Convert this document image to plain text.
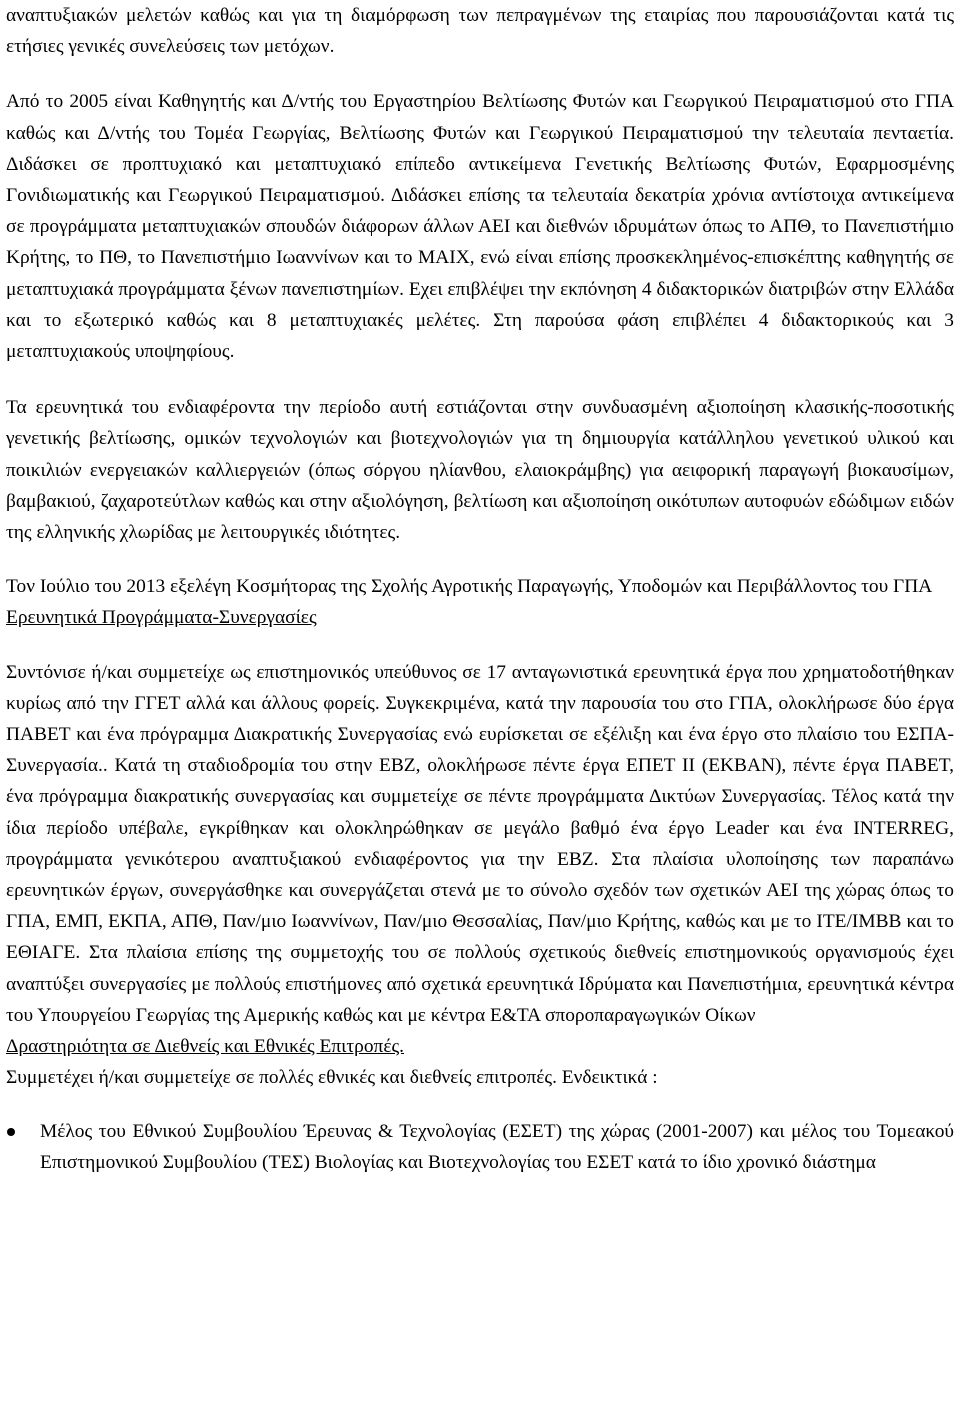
αναπτυξιακών μελετών καθώς και για τη διαμόρφωση των πεπραγμένων της εταιρίας που παρουσιάζονται κατά τις ετήσιες γενικές συνελεύσεις των μετόχων.

Από το 2005 είναι Καθηγητής και Δ/ντής του Εργαστηρίου Βελτίωσης Φυτών και Γεωργικού Πειραματισμού στο ΓΠΑ καθώς και Δ/ντής του Τομέα Γεωργίας, Βελτίωσης Φυτών και Γεωργικού Πειραματισμού την τελευταία πενταετία. Διδάσκει σε προπτυχιακό και μεταπτυχιακό επίπεδο αντικείμενα Γενετικής Βελτίωσης Φυτών, Εφαρμοσμένης Γονιδιωματικής και Γεωργικού Πειραματισμού. Διδάσκει επίσης τα τελευταία δεκατρία χρόνια αντίστοιχα αντικείμενα σε προγράμματα μεταπτυχιακών σπουδών διάφορων άλλων ΑΕΙ και διεθνών ιδρυμάτων όπως το ΑΠΘ, το Πανεπιστήμιο Κρήτης, το ΠΘ, το Πανεπιστήμιο Ιωαννίνων και το ΜΑΙΧ, ενώ είναι επίσης προσκεκλημένος-επισκέπτης καθηγητής σε μεταπτυχιακά προγράμματα ξένων πανεπιστημίων. Εχει επιβλέψει την εκπόνηση 4 διδακτορικών διατριβών στην Ελλάδα και το εξωτερικό καθώς και 8 μεταπτυχιακές μελέτες. Στη παρούσα φάση επιβλέπει 4 διδακτορικούς και 3 μεταπτυχιακούς υποψηφίους.

Τα ερευνητικά του ενδιαφέροντα την περίοδο αυτή εστιάζονται στην συνδυασμένη αξιοποίηση κλασικής-ποσοτικής γενετικής βελτίωσης, ομικών τεχνολογιών και βιοτεχνολογιών για τη δημιουργία κατάλληλου γενετικού υλικού και ποικιλιών ενεργειακών καλλιεργειών (όπως σόργου ηλίανθου, ελαιοκράμβης) για αειφορική παραγωγή βιοκαυσίμων, βαμβακιού, ζαχαροτεύτλων καθώς και στην αξιολόγηση, βελτίωση και αξιοποίηση οικότυπων αυτοφυών εδώδιμων ειδών της ελληνικής χλωρίδας με λειτουργικές ιδιότητες.

Τον Ιούλιο του 2013 εξελέγη Κοσμήτορας της Σχολής Αγροτικής Παραγωγής, Υποδομών και Περιβάλλοντος του ΓΠΑ

Ερευνητικά Προγράμματα-Συνεργασίες

Συντόνισε ή/και συμμετείχε ως επιστημονικός υπεύθυνος σε 17 ανταγωνιστικά ερευνητικά έργα που χρηματοδοτήθηκαν κυρίως από την ΓΓΕΤ αλλά και άλλους φορείς. Συγκεκριμένα, κατά την παρουσία του στο ΓΠΑ, ολοκλήρωσε δύο έργα ΠΑΒΕΤ και ένα πρόγραμμα Διακρατικής Συνεργασίας ενώ ευρίσκεται σε εξέλιξη και ένα έργο στο πλαίσιο του ΕΣΠΑ-Συνεργασία.. Κατά τη σταδιοδρομία του στην ΕΒΖ, ολοκλήρωσε πέντε έργα ΕΠΕΤ ΙΙ (ΕΚΒΑΝ), πέντε έργα ΠΑΒΕΤ, ένα πρόγραμμα διακρατικής συνεργασίας και συμμετείχε σε πέντε προγράμματα Δικτύων Συνεργασίας. Τέλος κατά την ίδια περίοδο υπέβαλε, εγκρίθηκαν και ολοκληρώθηκαν σε μεγάλο βαθμό ένα έργο Leader και ένα INTERREG, προγράμματα γενικότερου αναπτυξιακού ενδιαφέροντος για την ΕΒΖ. Στα πλαίσια υλοποίησης των παραπάνω ερευνητικών έργων, συνεργάσθηκε και συνεργάζεται στενά με το σύνολο σχεδόν των σχετικών ΑΕΙ της χώρας όπως το ΓΠΑ, ΕΜΠ, ΕΚΠΑ, ΑΠΘ, Παν/μιο Ιωαννίνων, Παν/μιο Θεσσαλίας, Παν/μιο Κρήτης, καθώς και με το ΙΤΕ/ΙΜΒΒ και το ΕΘΙΑΓΕ. Στα πλαίσια επίσης της συμμετοχής του σε πολλούς σχετικούς διεθνείς επιστημονικούς οργανισμούς έχει αναπτύξει συνεργασίες με πολλούς επιστήμονες από σχετικά ερευνητικά Ιδρύματα και Πανεπιστήμια, ερευνητικά κέντρα του Υπουργείου Γεωργίας της Αμερικής καθώς και με κέντρα Ε&ΤΑ σποροπαραγωγικών Οίκων

Δραστηριότητα σε Διεθνείς και Εθνικές Επιτροπές.

Συμμετέχει ή/και συμμετείχε σε πολλές εθνικές και διεθνείς επιτροπές. Ενδεικτικά :

Μέλος του Εθνικού Συμβουλίου Έρευνας & Τεχνολογίας (ΕΣΕΤ) της χώρας (2001-2007) και μέλος του Τομεακού Επιστημονικού Συμβουλίου (ΤΕΣ) Βιολογίας και Βιοτεχνολογίας του ΕΣΕΤ κατά το ίδιο χρονικό διάστημα
